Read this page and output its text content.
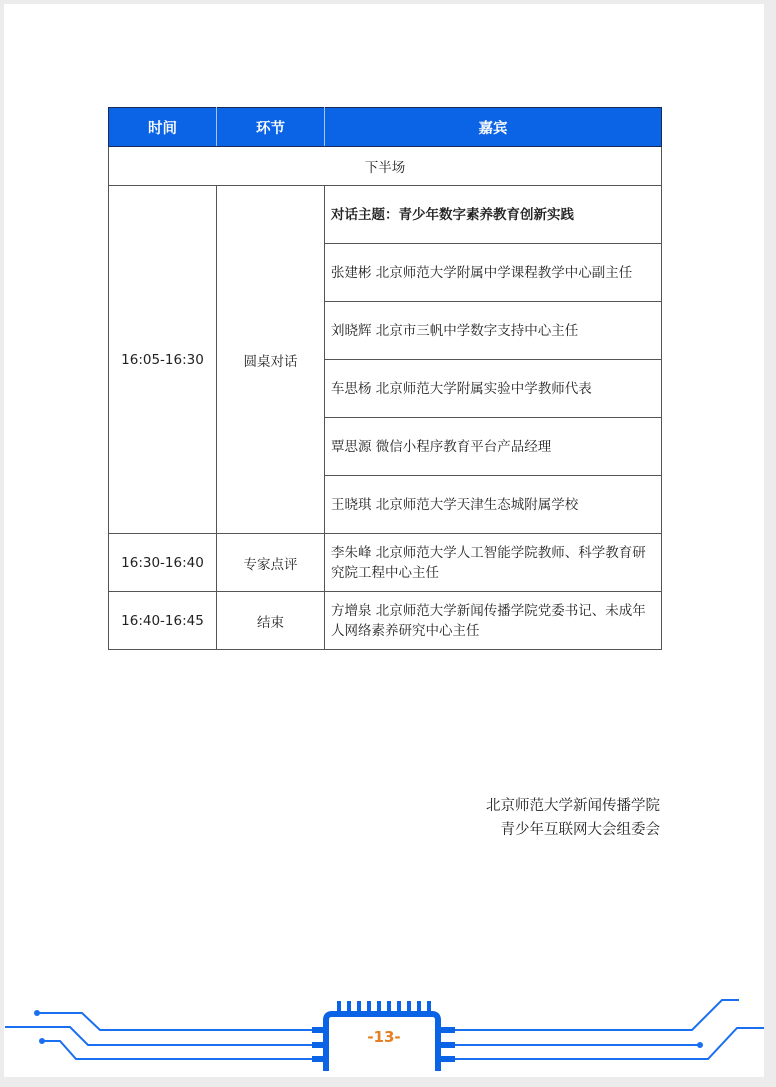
时间	环节	嘉宾
下半场		
16:05-16:30	圆桌对话	对话主题：青少年数字素养教育创新实践
		张建彬 北京师范大学附属中学课程教学中心副主任
		刘晓辉 北京市三帆中学数字支持中心主任
		车思杨 北京师范大学附属实验中学教师代表
		覃思源 微信小程序教育平台产品经理
		王晓琪 北京师范大学天津生态城附属学校
16:30-16:40	专家点评	李朱峰 北京师范大学人工智能学院教师、科学教育研究院工程中心主任
16:40-16:45	结束	方增泉 北京师范大学新闻传播学院党委书记、未成年人网络素养研究中心主任
北京师范大学新闻传播学院
青少年互联网大会组委会
-13-
